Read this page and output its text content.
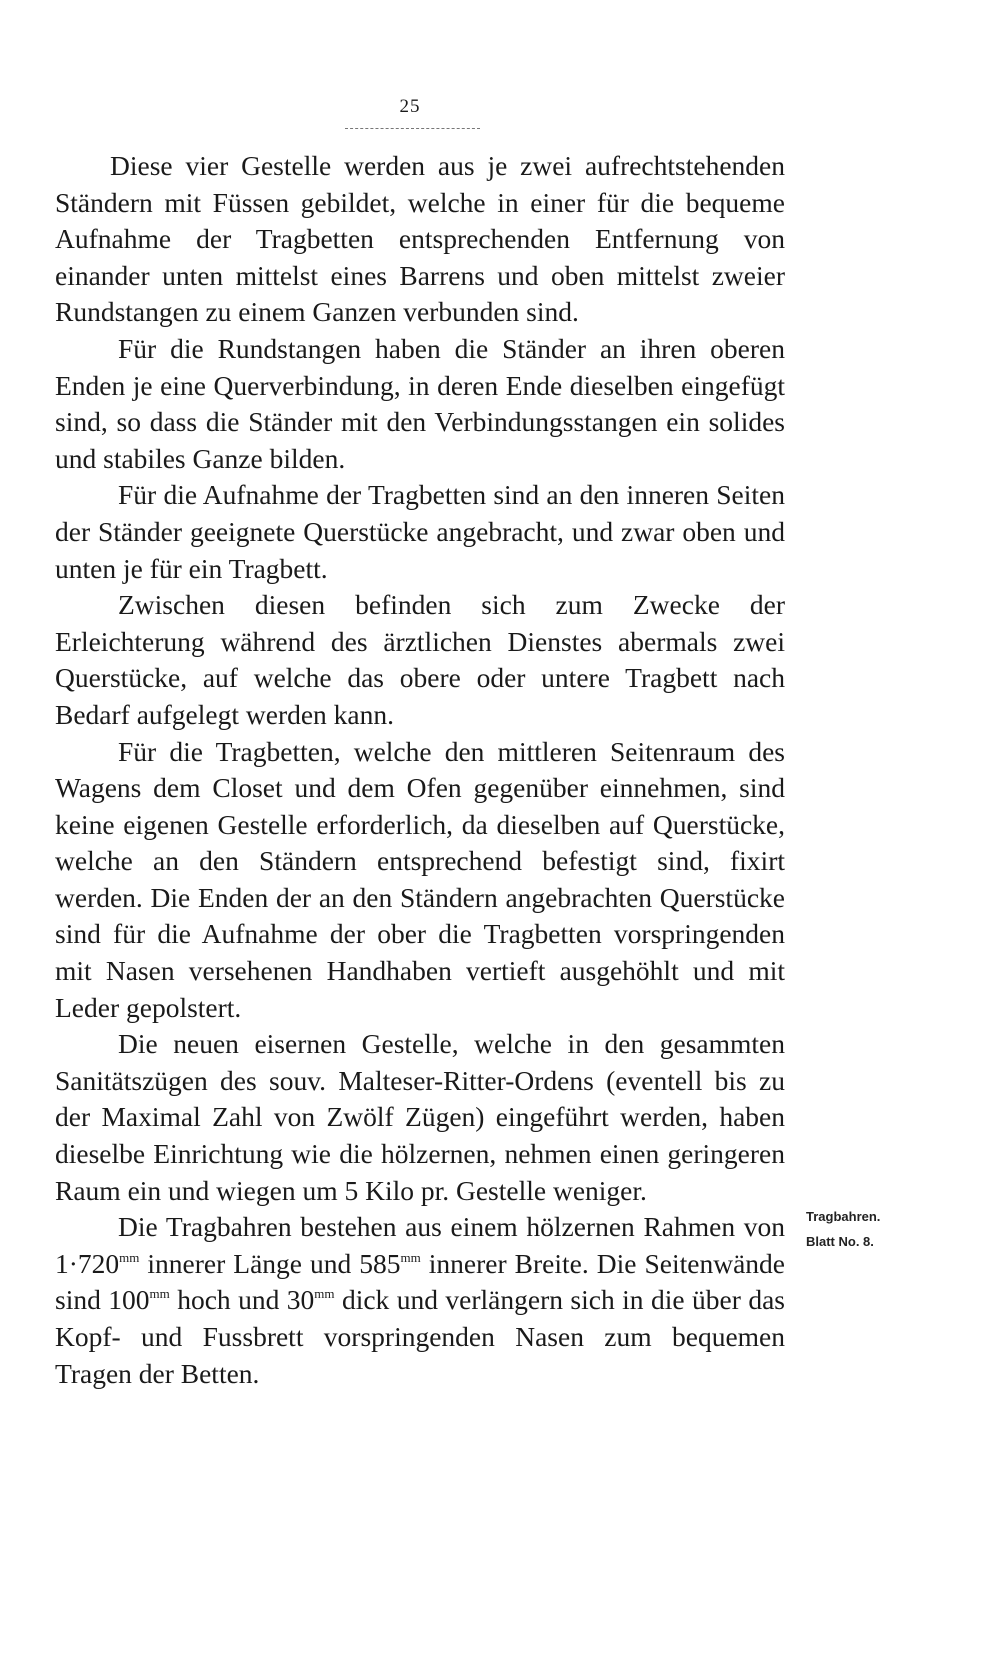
25

Diese vier Gestelle werden aus je zwei aufrechtstehenden Ständern mit Füssen gebildet, welche in einer für die bequeme Aufnahme der Tragbetten entsprechenden Entfernung von einander unten mittelst eines Barrens und oben mittelst zweier Rundstangen zu einem Ganzen verbunden sind.

Für die Rundstangen haben die Ständer an ihren oberen Enden je eine Querverbindung, in deren Ende dieselben eingefügt sind, so dass die Ständer mit den Verbindungsstangen ein solides und stabiles Ganze bilden.

Für die Aufnahme der Tragbetten sind an den inneren Seiten der Ständer geeignete Querstücke angebracht, und zwar oben und unten je für ein Tragbett.

Zwischen diesen befinden sich zum Zwecke der Erleichterung während des ärztlichen Dienstes abermals zwei Querstücke, auf welche das obere oder untere Tragbett nach Bedarf aufgelegt werden kann.

Für die Tragbetten, welche den mittleren Seitenraum des Wagens dem Closet und dem Ofen gegenüber einnehmen, sind keine eigenen Gestelle erforderlich, da dieselben auf Querstücke, welche an den Ständern entsprechend befestigt sind, fixirt werden. Die Enden der an den Ständern angebrachten Querstücke sind für die Aufnahme der ober die Tragbetten vorspringenden mit Nasen versehenen Handhaben vertieft ausgehöhlt und mit Leder gepolstert.

Die neuen eisernen Gestelle, welche in den gesammten Sanitätszügen des souv. Malteser-Ritter-Ordens (eventell bis zu der Maximal Zahl von Zwölf Zügen) eingeführt werden, haben dieselbe Einrichtung wie die hölzernen, nehmen einen geringeren Raum ein und wiegen um 5 Kilo pr. Gestelle weniger.

Die Tragbahren bestehen aus einem hölzernen Rahmen von $1\cdot 720^{mm}$ innerer Länge und $585^{mm}$ innerer Breite. Die Seitenwände sind $100^{mm}$ hoch und $30^{mm}$ dick und verlängern sich in die über das Kopf- und Fussbrett vorspringenden Nasen zum bequemen Tragen der Betten.

Tragbahren.
Blatt No. 8.
